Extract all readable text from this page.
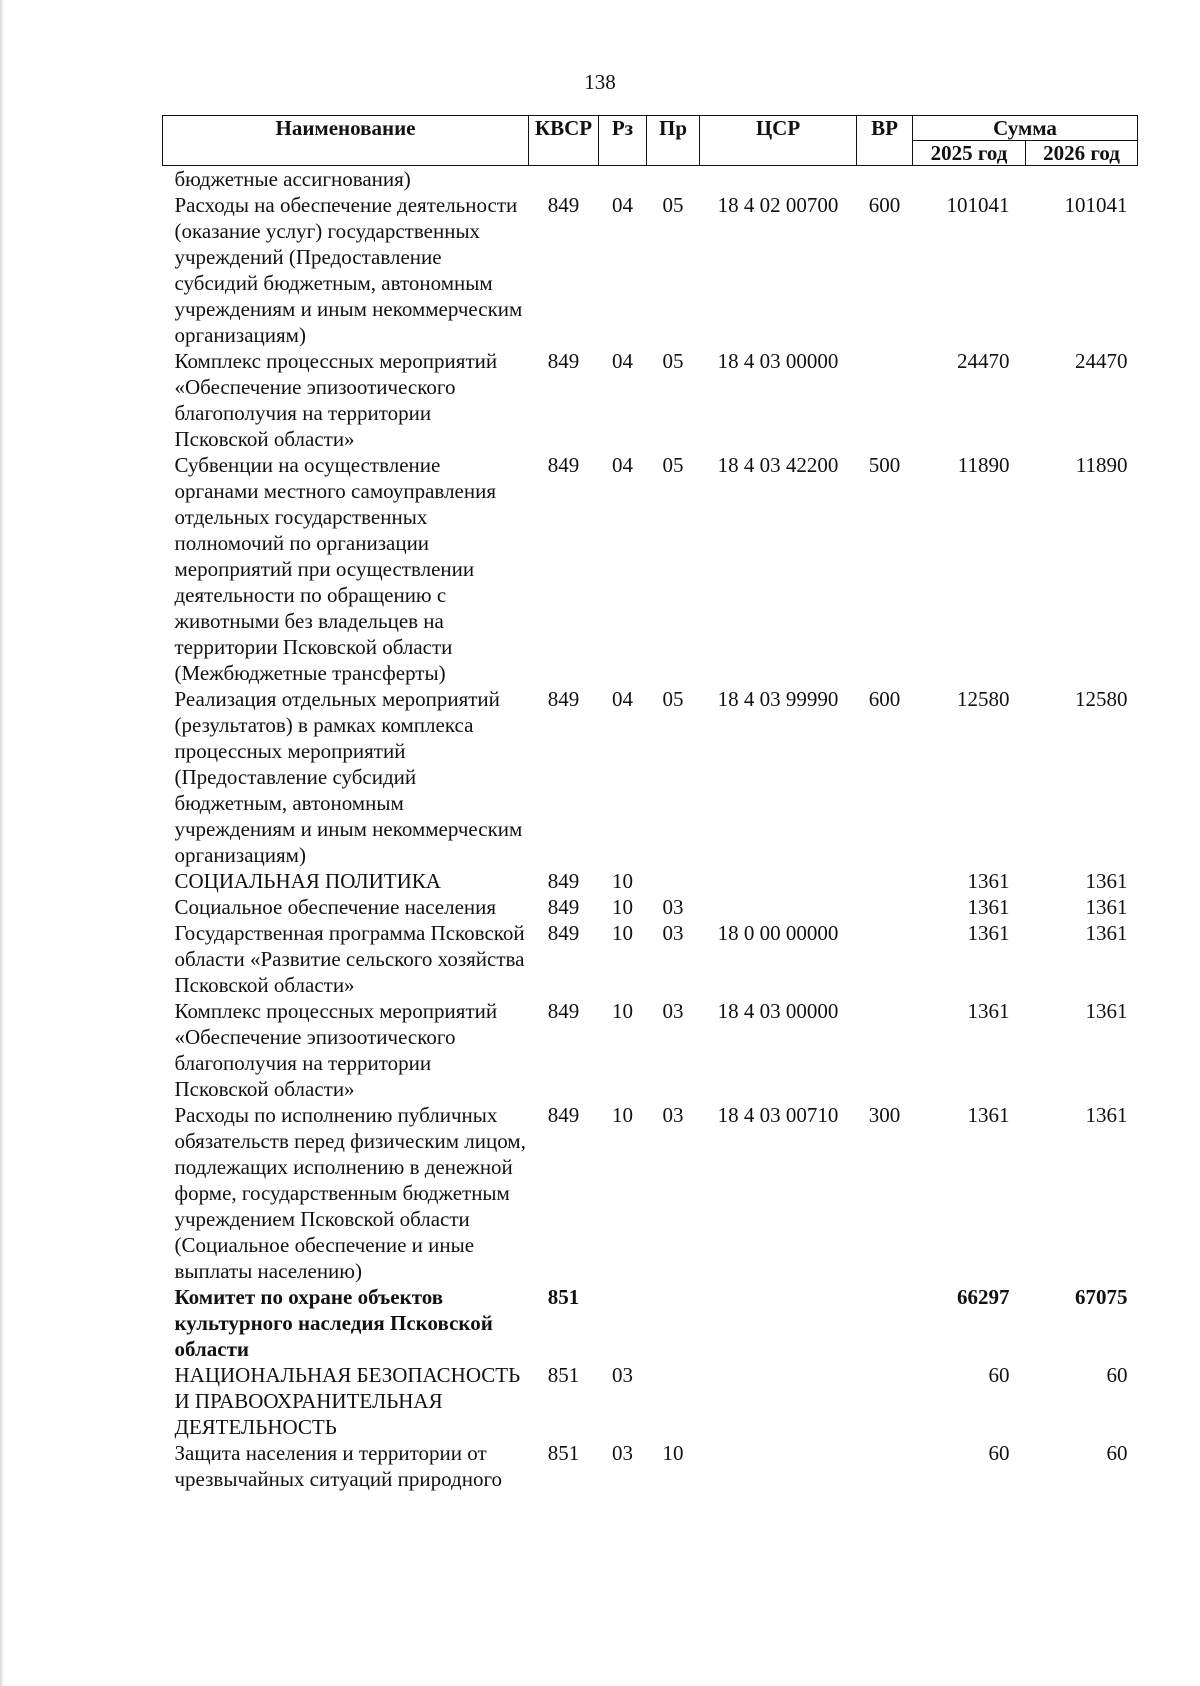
138
Наименование	КВСР	Рз	Пр	ЦСР	ВР	Сумма	
						2025 год	2026 год
бюджетные ассигнования)							
Расходы на обеспечение деятельности (оказание услуг) государственных учреждений (Предоставление субсидий бюджетным, автономным учреждениям и иным некоммерческим организациям)	849	04	05	18 4 02 00700	600	101041	101041
Комплекс процессных мероприятий «Обеспечение эпизоотического благополучия на территории Псковской области»	849	04	05	18 4 03 00000		24470	24470
Субвенции на осуществление органами местного самоуправления отдельных государственных полномочий по организации мероприятий при осуществлении деятельности по обращению с животными без владельцев на территории Псковской области (Межбюджетные трансферты)	849	04	05	18 4 03 42200	500	11890	11890
Реализация отдельных мероприятий (результатов) в рамках комплекса процессных мероприятий (Предоставление субсидий бюджетным, автономным учреждениям и иным некоммерческим организациям)	849	04	05	18 4 03 99990	600	12580	12580
СОЦИАЛЬНАЯ ПОЛИТИКА	849	10				1361	1361
Социальное обеспечение населения	849	10	03			1361	1361
Государственная программа Псковской области «Развитие сельского хозяйства Псковской области»	849	10	03	18 0 00 00000		1361	1361
Комплекс процессных мероприятий «Обеспечение эпизоотического благополучия на территории Псковской области»	849	10	03	18 4 03 00000		1361	1361
Расходы по исполнению публичных обязательств перед физическим лицом, подлежащих исполнению в денежной форме, государственным бюджетным учреждением Псковской области (Социальное обеспечение и иные выплаты населению)	849	10	03	18 4 03 00710	300	1361	1361
Комитет по охране объектов культурного наследия Псковской области	851					66297	67075
НАЦИОНАЛЬНАЯ БЕЗОПАСНОСТЬ И ПРАВООХРАНИТЕЛЬНАЯ ДЕЯТЕЛЬНОСТЬ	851	03				60	60
Защита населения и территории от чрезвычайных ситуаций природного	851	03	10			60	60
